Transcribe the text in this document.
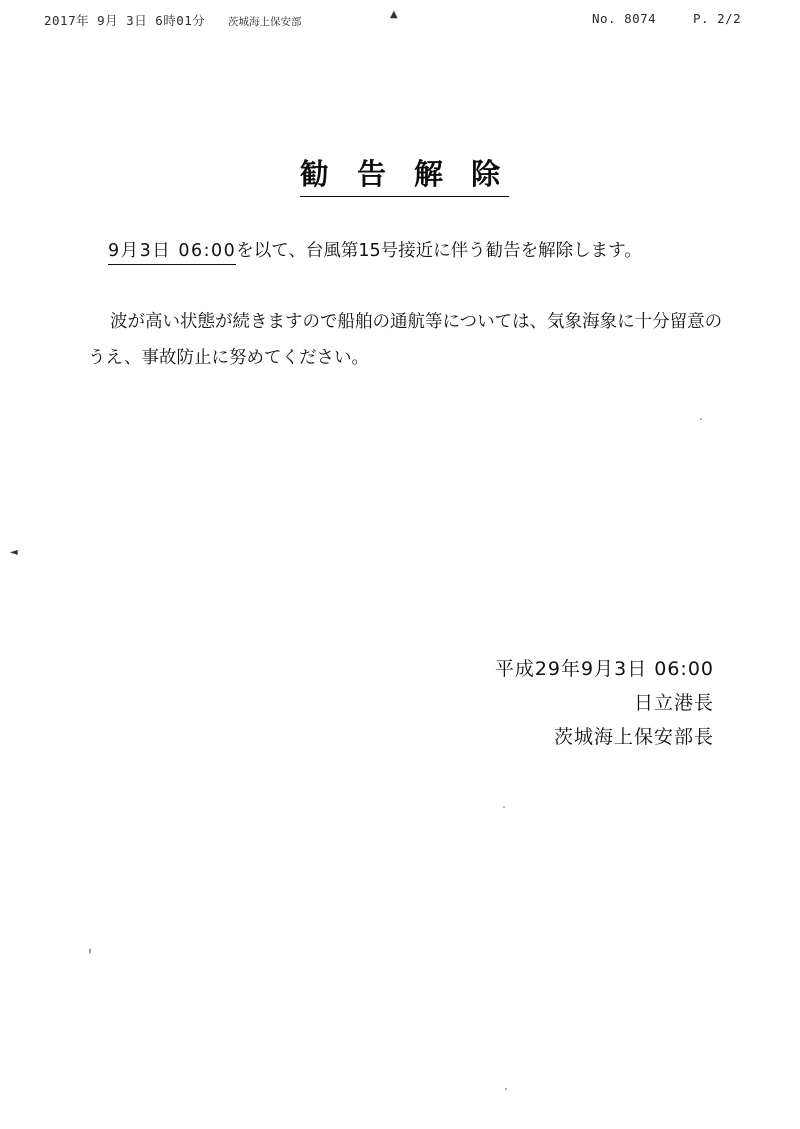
2017年 9月 3日 6時01分 茨城海上保安部	No. 8074	P. 2/2
▲
◄
勧 告 解 除
9月3日 06:00を以て、台風第15号接近に伴う勧告を解除します。
波が高い状態が続きますので船舶の通航等については、気象海象に十分留意のうえ、事故防止に努めてください。
平成29年9月3日 06:00
日立港長
茨城海上保安部長
